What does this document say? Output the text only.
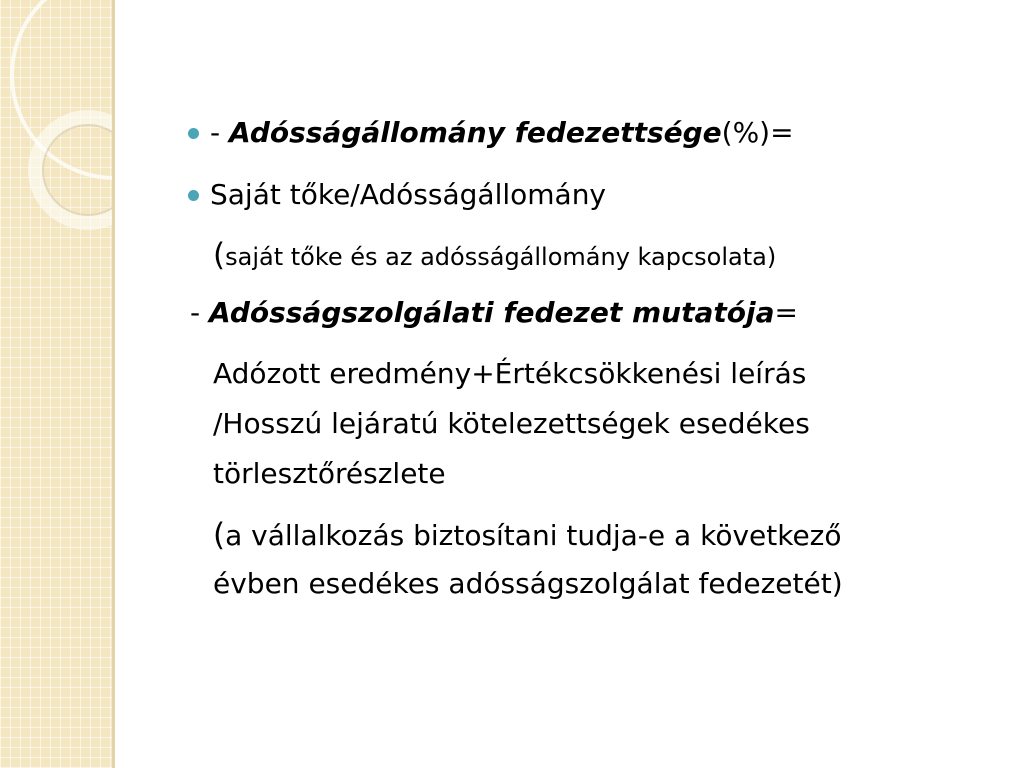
- Adósságállomány fedezettsége(%)=
Saját tőke/Adósságállomány
(saját tőke és az adósságállomány kapcsolata)
- Adósságszolgálati fedezet mutatója=
Adózott eredmény+Értékcsökkenési leírás
/Hosszú lejáratú kötelezettségek esedékes
törlesztőrészlete
(a vállalkozás biztosítani tudja-e a következő
évben esedékes adósságszolgálat fedezetét)
